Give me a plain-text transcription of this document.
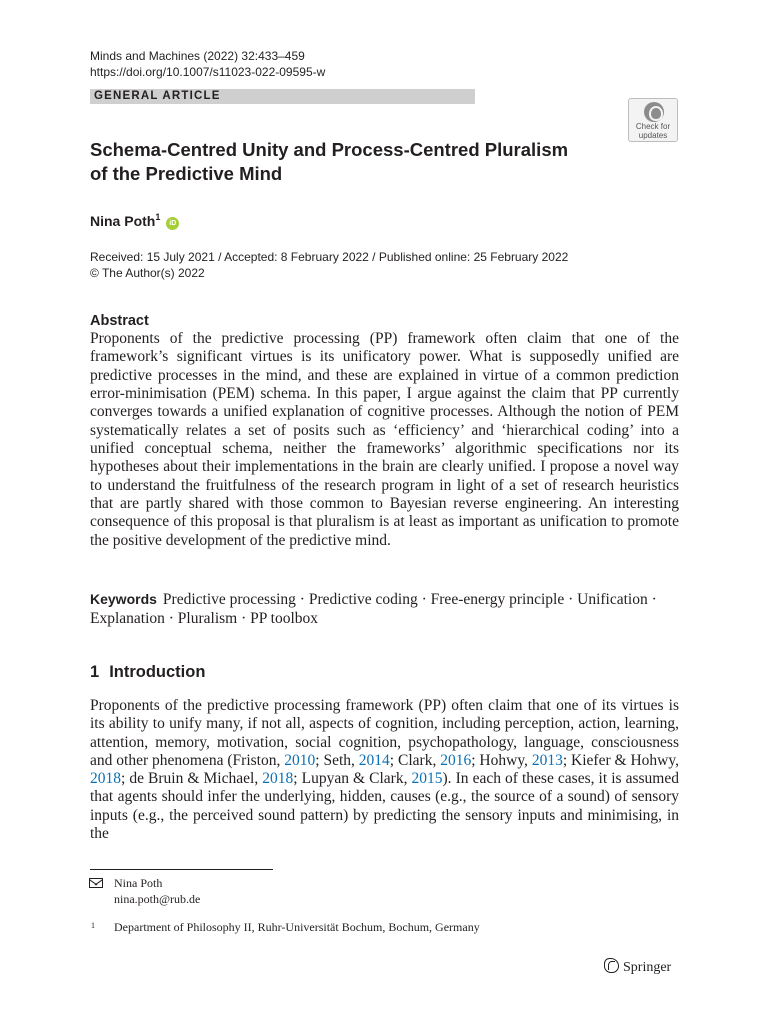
Minds and Machines (2022) 32:433–459
https://doi.org/10.1007/s11023-022-09595-w
GENERAL ARTICLE
Check for updates
Schema-Centred Unity and Process-Centred Pluralism
of the Predictive Mind
Nina Poth$^1$ iD
Received: 15 July 2021 / Accepted: 8 February 2022 / Published online: 25 February 2022
© The Author(s) 2022
Abstract
Proponents of the predictive processing (PP) framework often claim that one of the framework’s significant virtues is its unificatory power. What is supposedly unified are predictive processes in the mind, and these are explained in virtue of a common prediction error-minimisation (PEM) schema. In this paper, I argue against the claim that PP currently converges towards a unified explanation of cognitive processes. Although the notion of PEM systematically relates a set of posits such as ‘efficiency’ and ‘hierarchical coding’ into a unified conceptual schema, neither the frameworks’ algorithmic specifications nor its hypotheses about their implementations in the brain are clearly unified. I propose a novel way to understand the fruitfulness of the research program in light of a set of research heuristics that are partly shared with those common to Bayesian reverse engineering. An interesting consequence of this proposal is that pluralism is at least as important as unification to promote the positive development of the predictive mind.
Keywords Predictive processing · Predictive coding · Free-energy principle · Unification · Explanation · Pluralism · PP toolbox
1 Introduction
Proponents of the predictive processing framework (PP) often claim that one of its virtues is its ability to unify many, if not all, aspects of cognition, including perception, action, learning, attention, memory, motivation, social cognition, psychopathology, language, consciousness and other phenomena (Friston, 2010; Seth, 2014; Clark, 2016; Hohwy, 2013; Kiefer & Hohwy, 2018; de Bruin & Michael, 2018; Lupyan & Clark, 2015). In each of these cases, it is assumed that agents should infer the underlying, hidden, causes (e.g., the source of a sound) of sensory inputs (e.g., the perceived sound pattern) by predicting the sensory inputs and minimising, in the
Nina Poth
nina.poth@rub.de
1 Department of Philosophy II, Ruhr-Universität Bochum, Bochum, Germany
Springer
